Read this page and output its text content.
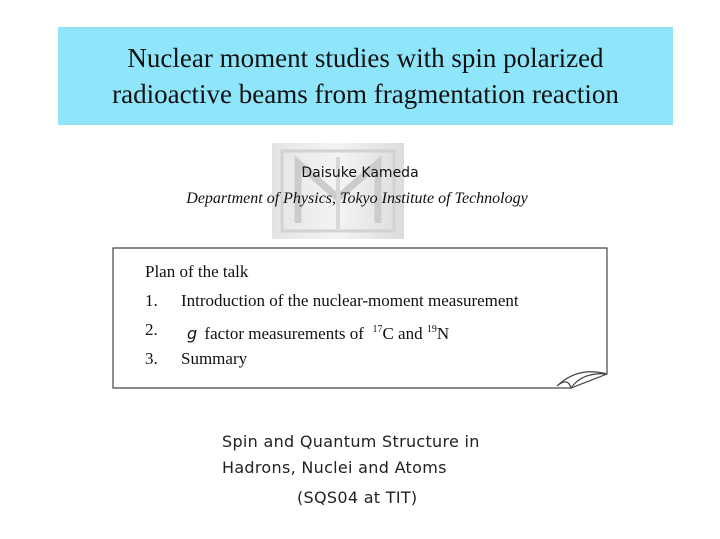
Nuclear moment studies with spin polarized
radioactive beams from fragmentation reaction
Daisuke Kameda
Department of Physics, Tokyo Institute of Technology
Plan of the talk
1.	Introduction of the nuclear-moment measurement
2.	g factor measurements of  $^{17}$C and $^{19}$N
3.	Summary
Spin and Quantum Structure in
Hadrons, Nuclei and Atoms
(SQS04 at TIT)
